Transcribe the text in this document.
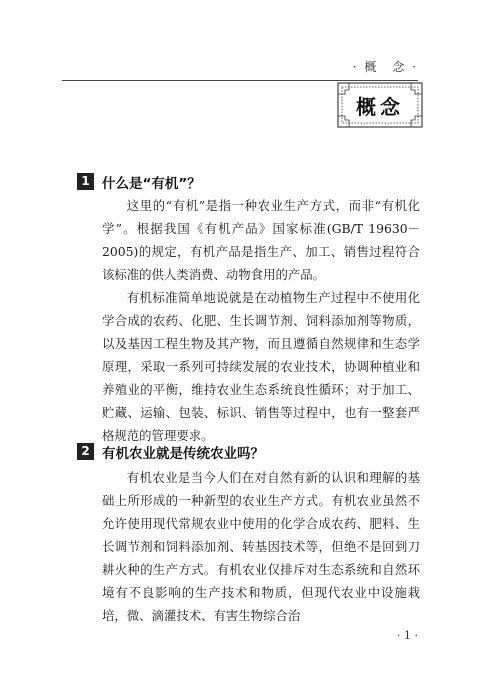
· 概　念 ·
概念
1 什么是“有机”？

这里的“有机”是指一种农业生产方式，而非“有机化学”。根据我国《有机产品》国家标准(GB/T 19630－2005)的规定，有机产品是指生产、加工、销售过程符合该标准的供人类消费、动物食用的产品。

有机标准简单地说就是在动植物生产过程中不使用化学合成的农药、化肥、生长调节剂、饲料添加剂等物质，以及基因工程生物及其产物，而且遵循自然规律和生态学原理，采取一系列可持续发展的农业技术，协调种植业和养殖业的平衡，维持农业生态系统良性循环；对于加工、贮藏、运输、包装、标识、销售等过程中，也有一整套严格规范的管理要求。

2 有机农业就是传统农业吗？

有机农业是当今人们在对自然有新的认识和理解的基础上所形成的一种新型的农业生产方式。有机农业虽然不允许使用现代常规农业中使用的化学合成农药、肥料、生长调节剂和饲料添加剂、转基因技术等，但绝不是回到刀耕火种的生产方式。有机农业仅排斥对生态系统和自然环境有不良影响的生产技术和物质，但现代农业中设施栽培，微、滴灌技术、有害生物综合治

· 1 ·
